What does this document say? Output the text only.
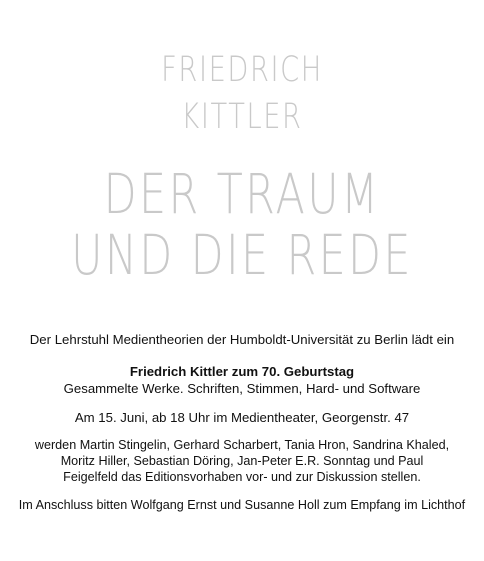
FRIEDRICH
KITTLER
DER TRAUM
UND DIE REDE
Der Lehrstuhl Medientheorien der Humboldt-Universität zu Berlin lädt ein
Friedrich Kittler zum 70. Geburtstag
Gesammelte Werke. Schriften, Stimmen, Hard- und Software
Am 15. Juni, ab 18 Uhr im Medientheater, Georgenstr. 47
werden Martin Stingelin, Gerhard Scharbert, Tania Hron, Sandrina Khaled,
Moritz Hiller, Sebastian Döring, Jan-Peter E.R. Sonntag und Paul
Feigelfeld das Editionsvorhaben vor- und zur Diskussion stellen.
Im Anschluss bitten Wolfgang Ernst und Susanne Holl zum Empfang im Lichthof
